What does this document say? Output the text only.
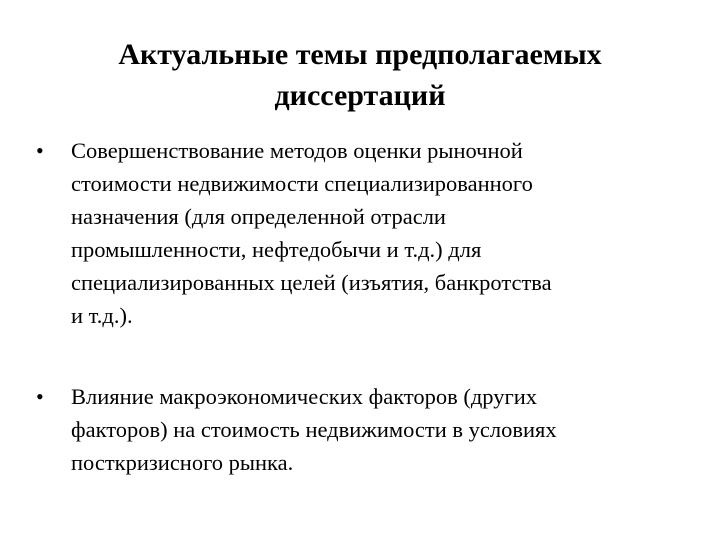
Актуальные темы предполагаемых
диссертаций
•	Совершенствование методов оценки рыночной
стоимости недвижимости специализированного
назначения (для определенной отрасли
промышленности, нефтедобычи и т.д.) для
специализированных целей (изъятия, банкротства
и т.д.).
•	Влияние макроэкономических факторов (других
факторов) на стоимость недвижимости в условиях
посткризисного рынка.
